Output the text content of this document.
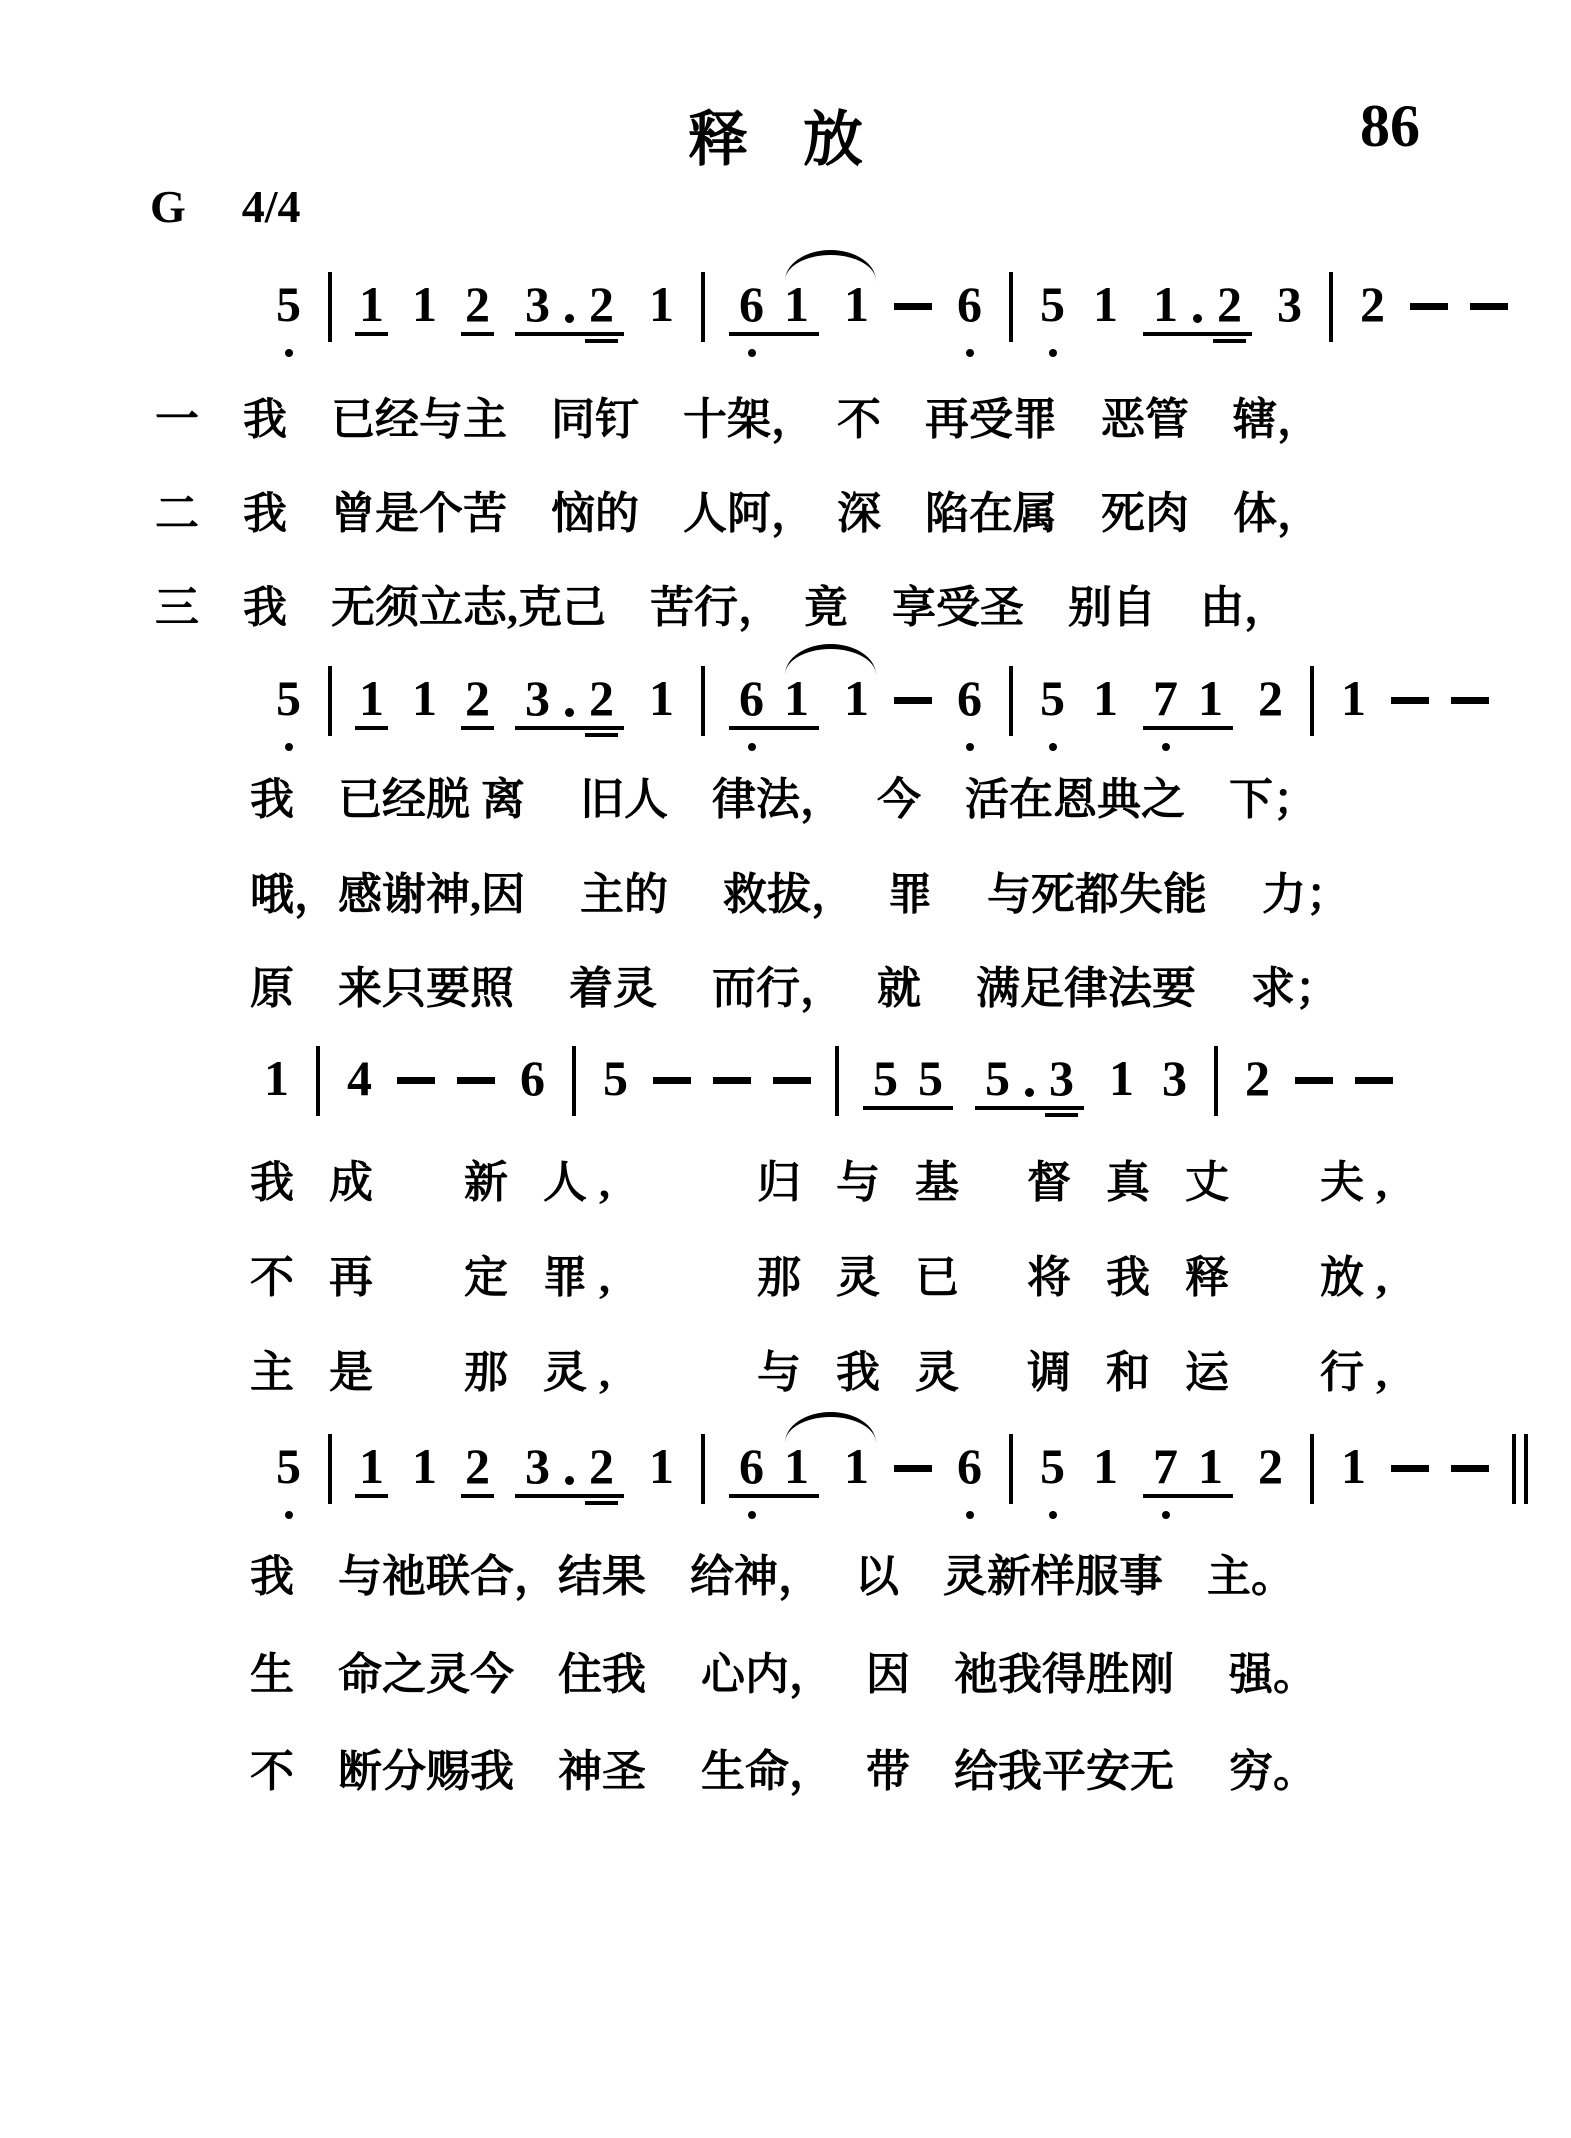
释 放	86
G 4/4
5 1 1 2 3 2 1 6 1 1 6 5 1 1 2 3 2
一　我　已经与主　同钉　十架，　不　再受罪　恶管　辖，
二　我　曾是个苦　恼的　人阿，　深　陷在属　死肉　体，
三　我　无须立志,克己　苦行，　竟　享受圣　别自　由，
5 1 1 2 3 2 1 6 1 1 6 5 1 7 1 2 1
我　已经脱 离　 旧人　律法，　 今　活在恩典之　下；
哦，感谢神,因　 主的　 救拔，　 罪　 与死都失能　 力；
原　来只要照　 着灵　 而行，　 就　 满足律法要　 求；
1 4	6 5	5 5 5 3 1 3 2
我 成　 新 人,　　 归 与 基　督 真 丈　 夫,
不 再　 定 罪,　　 那 灵 已　将 我 释　 放,
主 是　 那 灵,　　 与 我 灵　调 和 运　 行,
5 1 1 2 3 2 1 6 1 1 6 5 1 7 1 2 1
我　与祂联合，结果　给神，　 以　灵新样服事　主。
生　命之灵今　住我　 心内，　 因　祂我得胜刚　 强。
不　断分赐我　神圣　 生命，　 带　给我平安无　 穷。
